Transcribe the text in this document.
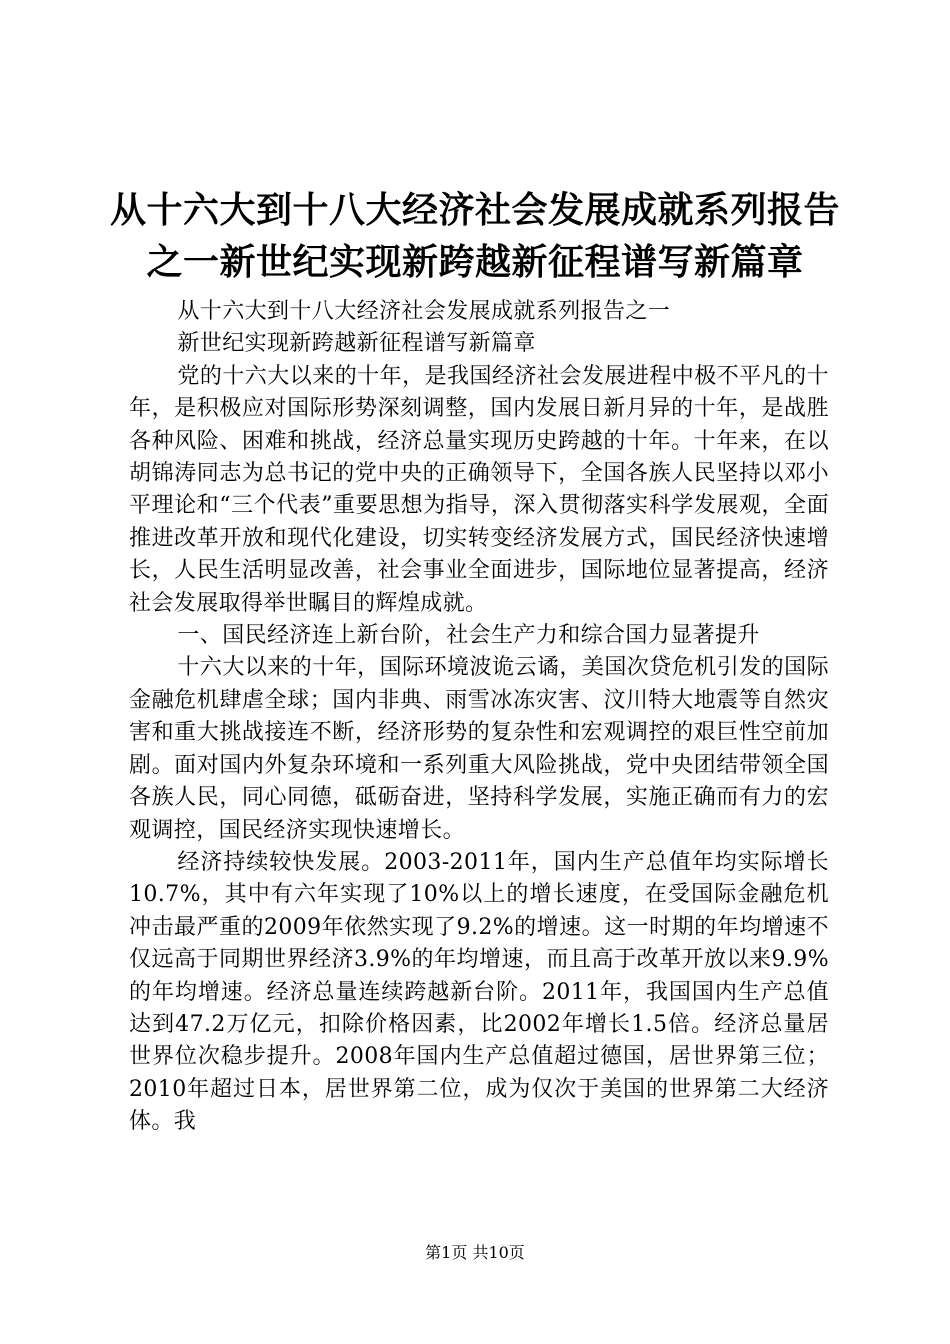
从十六大到十八大经济社会发展成就系列报告
之一新世纪实现新跨越新征程谱写新篇章

从十六大到十八大经济社会发展成就系列报告之一

新世纪实现新跨越新征程谱写新篇章

党的十六大以来的十年，是我国经济社会发展进程中极不平凡的十年，是积极应对国际形势深刻调整，国内发展日新月异的十年，是战胜各种风险、困难和挑战，经济总量实现历史跨越的十年。十年来，在以胡锦涛同志为总书记的党中央的正确领导下，全国各族人民坚持以邓小平理论和“三个代表”重要思想为指导，深入贯彻落实科学发展观，全面推进改革开放和现代化建设，切实转变经济发展方式，国民经济快速增长，人民生活明显改善，社会事业全面进步，国际地位显著提高，经济社会发展取得举世瞩目的辉煌成就。

一、国民经济连上新台阶，社会生产力和综合国力显著提升

十六大以来的十年，国际环境波诡云谲，美国次贷危机引发的国际金融危机肆虐全球；国内非典、雨雪冰冻灾害、汶川特大地震等自然灾害和重大挑战接连不断，经济形势的复杂性和宏观调控的艰巨性空前加剧。面对国内外复杂环境和一系列重大风险挑战，党中央团结带领全国各族人民，同心同德，砥砺奋进，坚持科学发展，实施正确而有力的宏观调控，国民经济实现快速增长。

经济持续较快发展。2003-2011年，国内生产总值年均实际增长10.7%，其中有六年实现了10%以上的增长速度，在受国际金融危机冲击最严重的2009年依然实现了9.2%的增速。这一时期的年均增速不仅远高于同期世界经济3.9%的年均增速，而且高于改革开放以来9.9%的年均增速。经济总量连续跨越新台阶。2011年，我国国内生产总值达到47.2万亿元，扣除价格因素，比2002年增长1.5倍。经济总量居世界位次稳步提升。2008年国内生产总值超过德国，居世界第三位；2010年超过日本，居世界第二位，成为仅次于美国的世界第二大经济体。我

第1页 共10页
